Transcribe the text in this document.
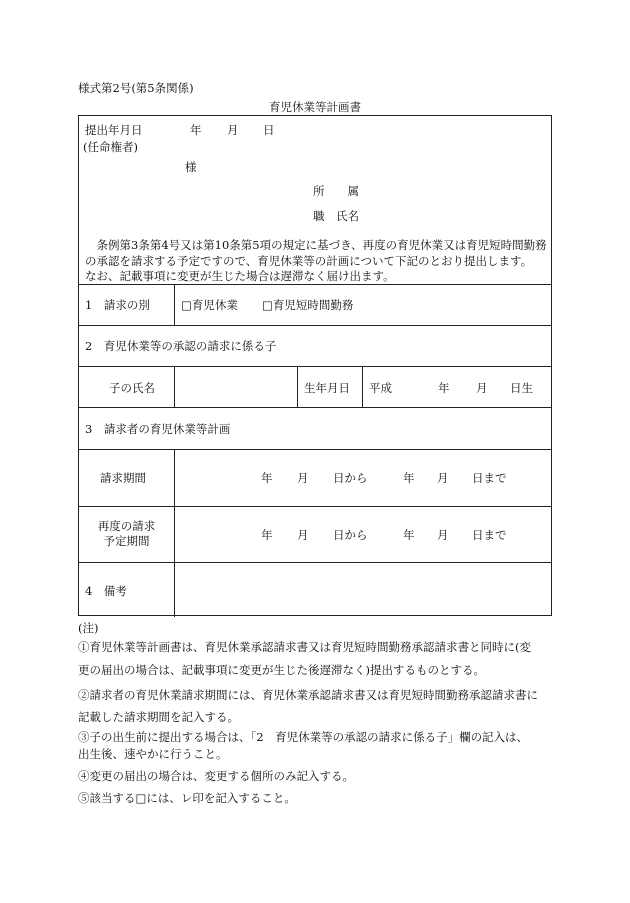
様式第2号(第5条関係)
育児休業等計画書
提出年月日	年 月 日
(任命権者)
様
所　　属
職　氏名
　条例第3条第4号又は第10条第5項の規定に基づき、再度の育児休業又は育児短時間勤務
の承認を請求する予定ですので、育児休業等の計画について下記のとおり提出します。
なお、記載事項に変更が生じた場合は遅滞なく届け出ます。
1　請求の別	□育児休業 □育児短時間勤務
2　育児休業等の承認の請求に係る子
子の氏名	生年月日 平成	年 月 日生
3　請求者の育児休業等計画
請求期間	年 月 日から	年 月 日まで
再度の請求
予定期間	年 月 日から	年 月 日まで
4　備考
(注)
①育児休業等計画書は、育児休業承認請求書又は育児短時間勤務承認請求書と同時に(変
更の届出の場合は、記載事項に変更が生じた後遅滞なく)提出するものとする。
②請求者の育児休業請求期間には、育児休業承認請求書又は育児短時間勤務承認請求書に
記載した請求期間を記入する。
③子の出生前に提出する場合は、「2　育児休業等の承認の請求に係る子」欄の記入は、
出生後、速やかに行うこと。
④変更の届出の場合は、変更する個所のみ記入する。
⑤該当する□には、レ印を記入すること。
